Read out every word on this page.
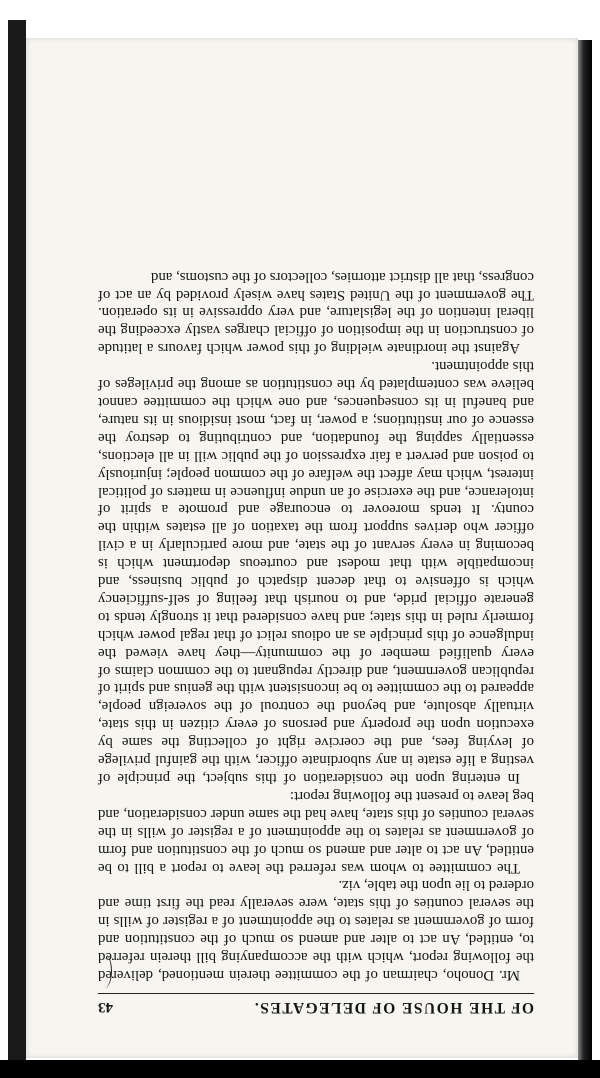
OF THE HOUSE OF DELEGATES.
43

Mr. Donoho, chairman of the committee therein mentioned, delivered the following report, which with the accompanying bill therein referred to, entitled, An act to alter and amend so much of the constitution and form of government as relates to the appointment of a register of wills in the several counties of this state, were severally read the first time and ordered to lie upon the table, viz.

The committee to whom was referred the leave to report a bill to be entitled, An act to alter and amend so much of the constitution and form of government as relates to the appointment of a register of wills in the several counties of this state, have had the same under consideration, and beg leave to present the following report:

In entering upon the consideration of this subject, the principle of vesting a life estate in any subordinate officer, with the gainful privilege of levying fees, and the coercive right of collecting the same by execution upon the property and persons of every citizen in this state, virtually absolute, and beyond the controul of the sovereign people, appeared to the committee to be inconsistent with the genius and spirit of republican government, and directly repugnant to the common claims of every qualified member of the community—they have viewed the indulgence of this principle as an odious relict of that regal power which formerly ruled in this state; and have considered that it strongly tends to generate official pride, and to nourish that feeling of self-sufficiency which is offensive to that decent dispatch of public business, and incompatible with that modest and courteous deportment which is becoming in every servant of the state, and more particularly in a civil officer who derives support from the taxation of all estates within the county. It tends moreover to encourage and promote a spirit of intolerance, and the exercise of an undue influence in matters of political interest, which may affect the welfare of the common people; injuriously to poison and pervert a fair expression of the public will in all elections, essentially sapping the foundation, and contributing to destroy the essence of our institutions; a power, in fact, most insidious in its nature, and baneful in its consequences, and one which the committee cannot believe was contemplated by the constitution as among the privileges of this appointment.

Against the inordinate wielding of this power which favours a latitude of construction in the imposition of official charges vastly exceeding the liberal intention of the legislature, and very oppressive in its operation. The government of the United States have wisely provided by an act of congress, that all district attornies, collectors of the customs, and
